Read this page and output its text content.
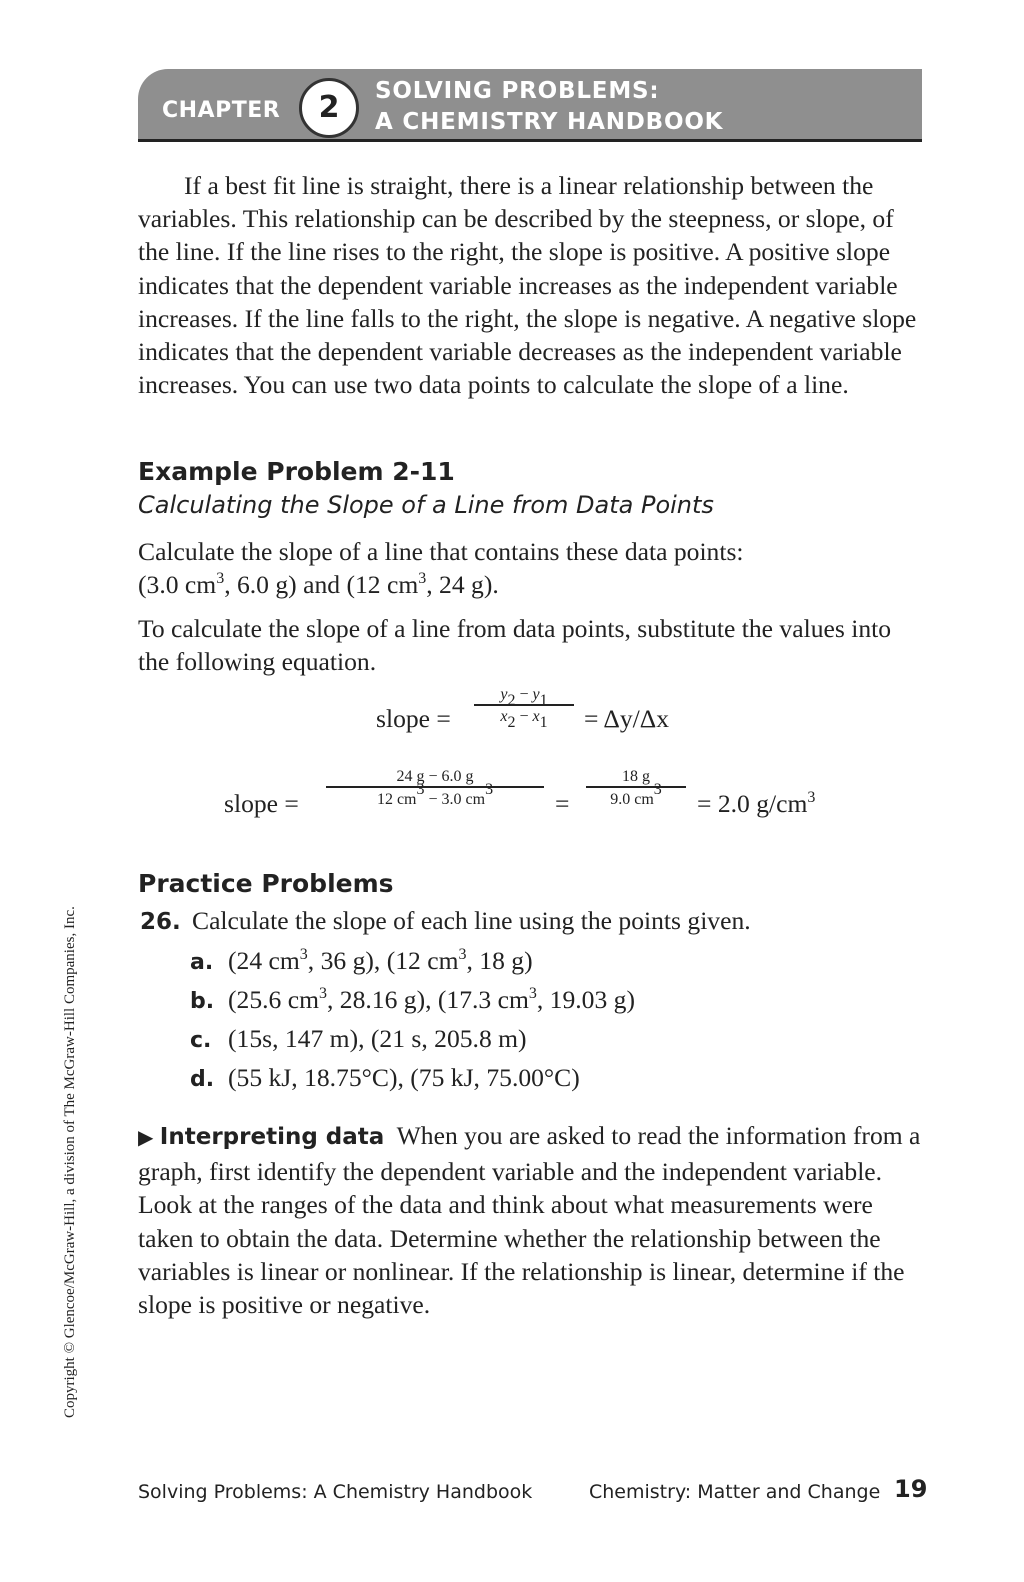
CHAPTER	2	SOLVING PROBLEMS:
A CHEMISTRY HANDBOOK

If a best fit line is straight, there is a linear relationship between the variables. This relationship can be described by the steepness, or slope, of the line. If the line rises to the right, the slope is positive. A positive slope indicates that the dependent variable increases as the independent variable increases. If the line falls to the right, the slope is negative. A negative slope indicates that the dependent variable decreases as the independent variable increases. You can use two data points to calculate the slope of a line.

Example Problem 2-11
Calculating the Slope of a Line from Data Points

Calculate the slope of a line that contains these data points:
(3.0 $cm^3$, 6.0 g) and (12 $cm^3$, 24 g).

To calculate the slope of a line from data points, substitute the values into the following equation.

slope = $\frac{y_2 - y_1}{x_2 - x_1} = \Delta y/\Delta x$
slope = $\frac{24 g - 6.0 g}{12 cm^3 - 3.0 cm^3} = \frac{18 g}{9.0 cm^3} = 2.0$ $g/cm^3$
Practice Problems
26. Calculate the slope of each line using the points given.
a. (24 $cm^3$, 36 g), (12 $cm^3$, 18 g)
b. (25.6 $cm^3$, 28.16 g), (17.3 $cm^3$, 19.03 g)
c. (15s, 147 m), (21 s, 205.8 m)
d. (55 kJ, 18.75°C), (75 kJ, 75.00°C)

▶ Interpreting data When you are asked to read the information from a graph, first identify the dependent variable and the independent variable. Look at the ranges of the data and think about what measurements were taken to obtain the data. Determine whether the relationship between the variables is linear or nonlinear. If the relationship is linear, determine if the slope is positive or negative.

Copyright © Glencoe/McGraw-Hill, a division of The McGraw-Hill Companies, Inc.
Solving Problems: A Chemistry Handbook	Chemistry: Matter and Change 19
